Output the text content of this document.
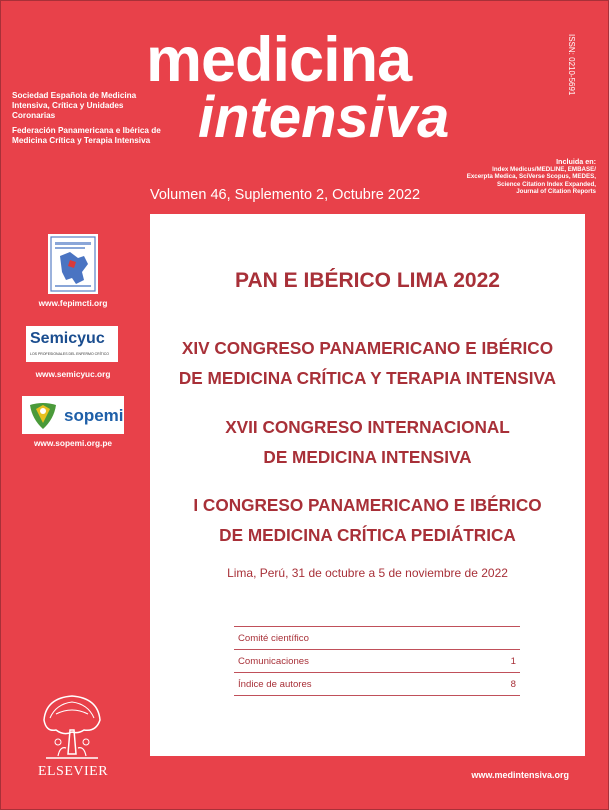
Sociedad Española de Medicina Intensiva, Crítica y Unidades Coronarias

Federación Panamericana e Ibérica de Medicina Crítica y Terapia Intensiva

medicina
intensiva
ISSN: 0210-5691
Incluida en:
Index Medicus/MEDLINE, EMBASE/
Excerpta Medica, SciVerse Scopus, MEDES,
Science Citation Index Expanded,
Journal of Citation Reports
Volumen 46, Suplemento 2, Octubre 2022
www.fepimcti.org
Semicyuc
LOS PROFESIONALES DEL ENFERMO CRÍTICO
www.semicyuc.org
sopemi
www.sopemi.org.pe
PAN E IBÉRICO LIMA 2022
XIV CONGRESO PANAMERICANO E IBÉRICO
DE MEDICINA CRÍTICA Y TERAPIA INTENSIVA
XVII CONGRESO INTERNACIONAL
DE MEDICINA INTENSIVA
I CONGRESO PANAMERICANO E IBÉRICO
DE MEDICINA CRÍTICA PEDIÁTRICA
Lima, Perú, 31 de octubre a 5 de noviembre de 2022
Comité científico
Comunicaciones	1
Índice de autores	8
ELSEVIER	www.medintensiva.org
